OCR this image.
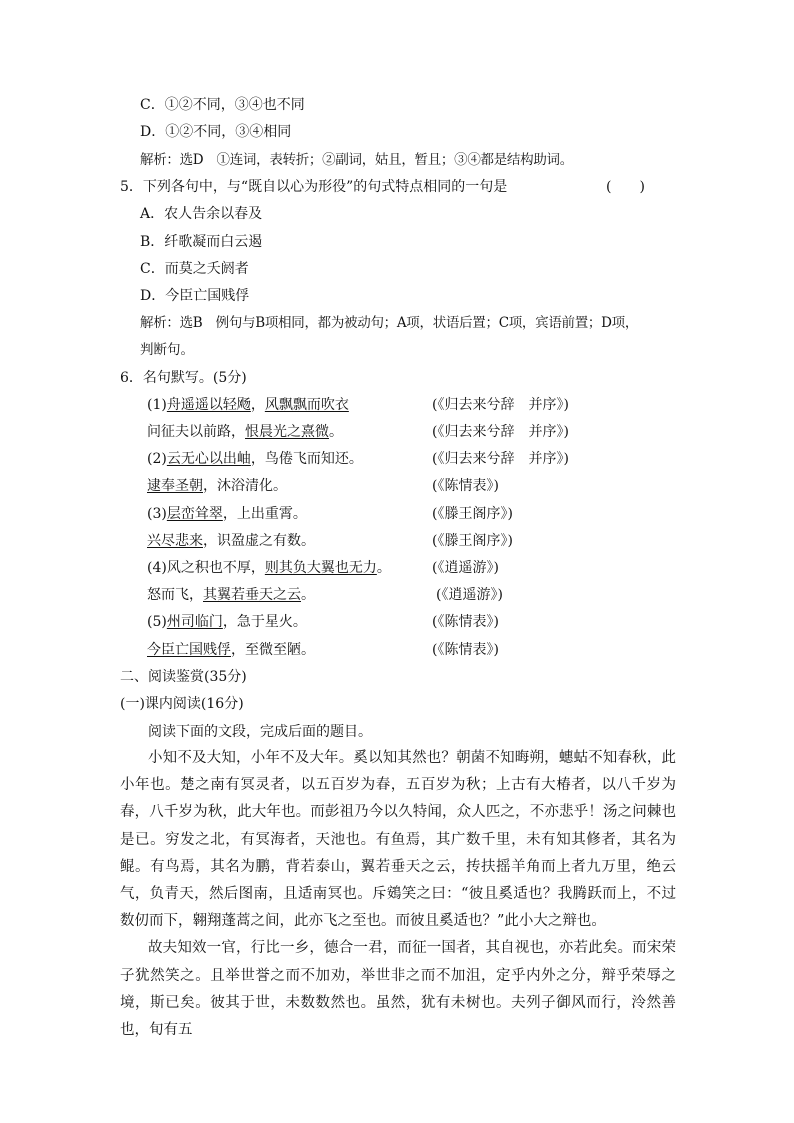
C．①②不同，③④也不同
D．①②不同，③④相同
解析：选D　①连词，表转折；②副词，姑且，暂且；③④都是结构助词。
5．下列各句中，与“既自以心为形役”的句式特点相同的一句是	(　　)
A．农人告余以春及
B．纤歌凝而白云遏
C．而莫之夭阏者
D．今臣亡国贱俘
解析：选B　例句与B项相同，都为被动句；A项，状语后置；C项，宾语前置；D项，
判断句。
6．名句默写。(5分)
(1)舟遥遥以轻飏，风飘飘而吹衣	(《归去来兮辞　并序》)
问征夫以前路，恨晨光之熹微。	(《归去来兮辞　并序》)
(2)云无心以出岫，鸟倦飞而知还。	(《归去来兮辞　并序》)
逮奉圣朝，沐浴清化。	(《陈情表》)
(3)层峦耸翠，上出重霄。	(《滕王阁序》)
兴尽悲来，识盈虚之有数。	(《滕王阁序》)
(4)风之积也不厚，则其负大翼也无力。	(《逍遥游》)
怒而飞，其翼若垂天之云。	(《逍遥游》)
(5)州司临门，急于星火。	(《陈情表》)
今臣亡国贱俘，至微至陋。	(《陈情表》)
二、阅读鉴赏(35分)
(一)课内阅读(16分)
阅读下面的文段，完成后面的题目。

小知不及大知，小年不及大年。奚以知其然也？朝菌不知晦朔，蟪蛄不知春秋，此小年也。楚之南有冥灵者，以五百岁为春，五百岁为秋；上古有大椿者，以八千岁为春，八千岁为秋，此大年也。而彭祖乃今以久特闻，众人匹之，不亦悲乎！汤之问棘也是已。穷发之北，有冥海者，天池也。有鱼焉，其广数千里，未有知其修者，其名为鲲。有鸟焉，其名为鹏，背若泰山，翼若垂天之云，抟扶摇羊角而上者九万里，绝云气，负青天，然后图南，且适南冥也。斥鴳笑之曰：“彼且奚适也？我腾跃而上，不过数仞而下，翱翔蓬蒿之间，此亦飞之至也。而彼且奚适也？”此小大之辩也。

故夫知效一官，行比一乡，德合一君，而征一国者，其自视也，亦若此矣。而宋荣子犹然笑之。且举世誉之而不加劝，举世非之而不加沮，定乎内外之分，辩乎荣辱之境，斯已矣。彼其于世，未数数然也。虽然，犹有未树也。夫列子御风而行，泠然善也，旬有五
